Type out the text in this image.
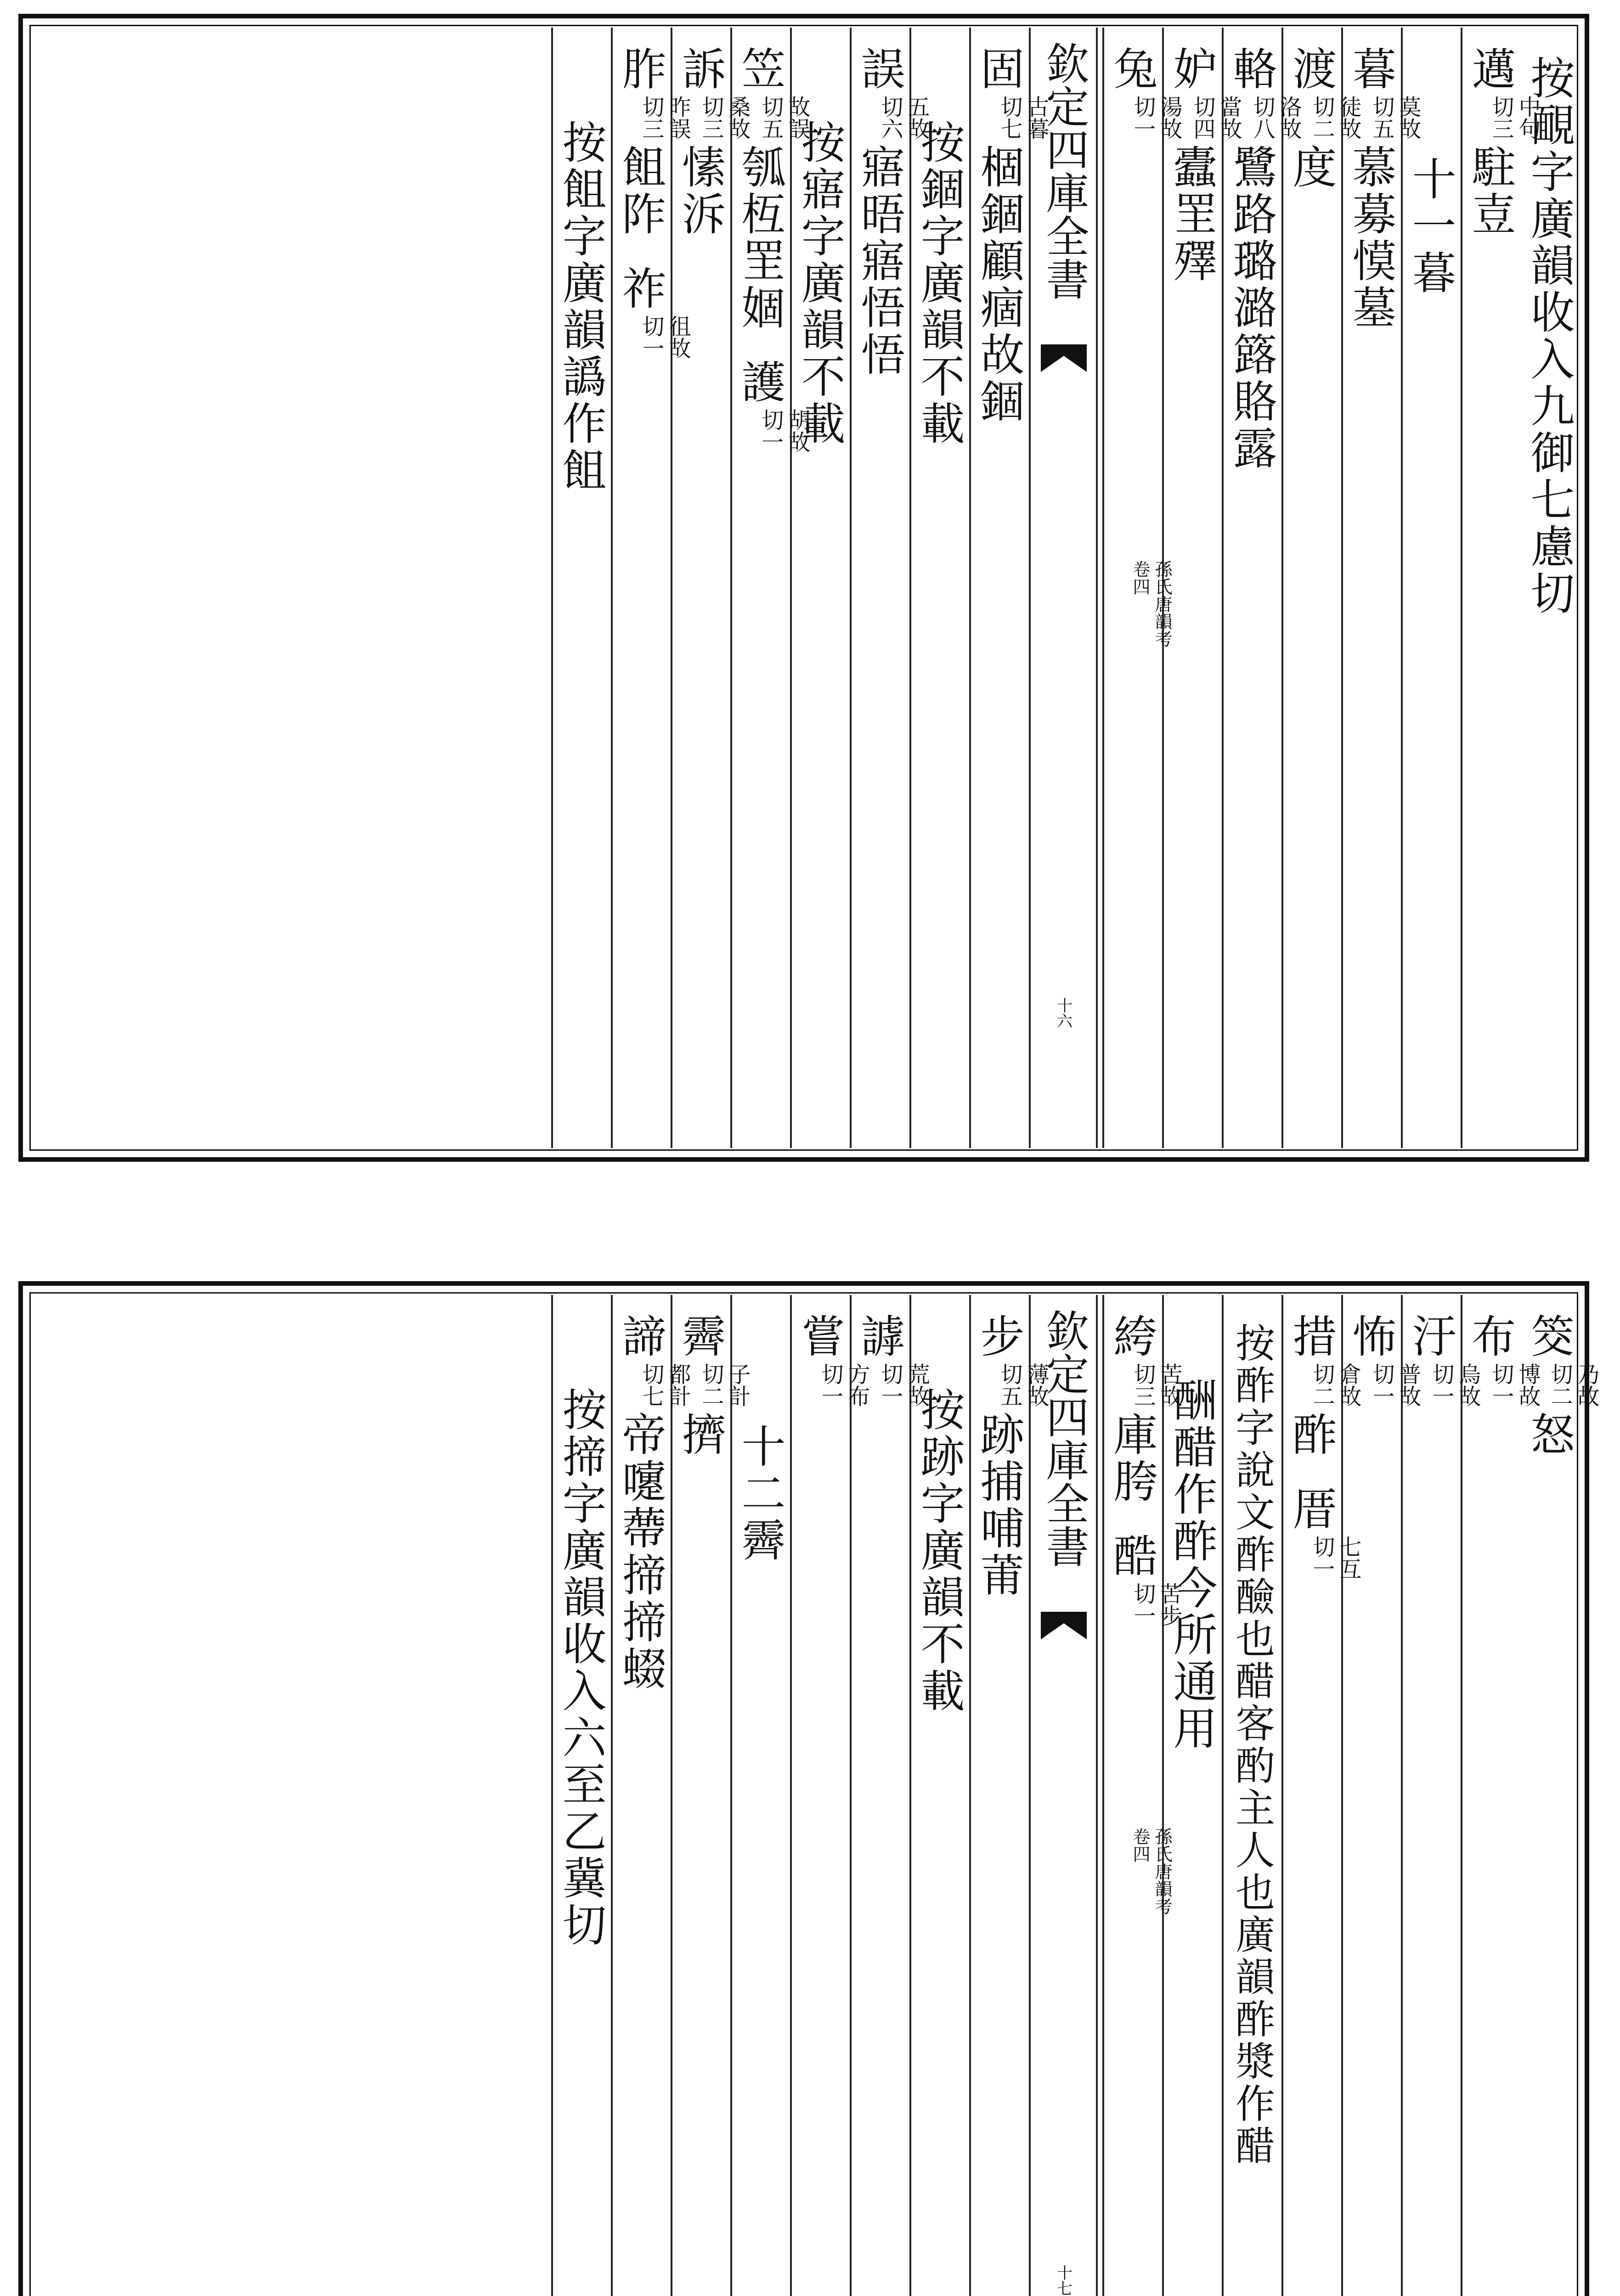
按靦字廣韻收入九御七慮切
邁
中句
切三
駐壴
十一暮
暮
莫故
切五
慕募慔墓
渡
徒故
切二
度
輅
洛故
切八
鷺路璐潞簬賂露
妒
當故
切四
蠹罜殬
兔
湯故
切一
欽定四庫全書
孫氏唐韻考
卷四
十六
固
古暮
切七
棝錮顧痼故錮
按錮字廣韻不載
誤
五故
切六
寤晤寤悟悟
按寤字廣韻不載
笠
故誤
切五
瓠枑罜婟
護
胡故
切一
訴
桑故
切三
愫泝
胙
昨誤
切三
飷阼
祚
徂故
切一
按飷字廣韻譌作飷
筊
乃故
切二
怒
布
博故
切一
汙
烏故
切一
怖
普故
切一
措
倉故
切二
酢
厝
七互
切一
按酢字說文酢醶也醋客酌主人也廣韻酢漿作醋
酬醋作酢今所通用
絝
苦故
切三
庫胯
酷
苦步
切一
欽定四庫全書
孫氏唐韻考
卷四
十七
步
薄故
切五
跡捕哺莆
按跡字廣韻不載
謼
荒故
切一
嘗
方布
切一
十二霽
霽
子計
切二
擠
諦
都計
切七
帝嚔蔕揥揥蝃
按揥字廣韻收入六至乙冀切
